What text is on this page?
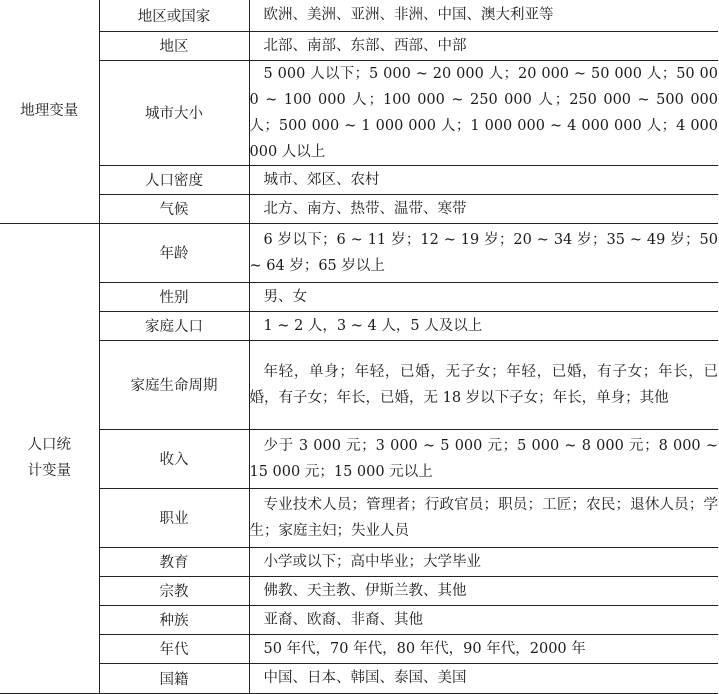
地理变量	地区或国家	欧洲、美洲、亚洲、非洲、中国、澳大利亚等
	地区	北部、南部、东部、西部、中部
	城市大小	5 000 人以下；5 000 ~ 20 000 人；20 000 ~ 50 000 人；50 000 ~ 100 000 人；100 000 ~ 250 000 人；250 000 ~ 500 000 人；500 000 ~ 1 000 000 人；1 000 000 ~ 4 000 000 人；4 000 000 人以上
	人口密度	城市、郊区、农村
	气候	北方、南方、热带、温带、寒带

人口统计变量	年龄	6 岁以下；6 ~ 11 岁；12 ~ 19 岁；20 ~ 34 岁；35 ~ 49 岁；50 ~ 64 岁；65 岁以上
	性别	男、女
	家庭人口	1 ~ 2 人，3 ~ 4 人，5 人及以上
	家庭生命周期	年轻，单身；年轻，已婚，无子女；年轻，已婚，有子女；年长，已婚，有子女；年长，已婚，无 18 岁以下子女；年长，单身；其他
	收入	少于 3 000 元；3 000 ~ 5 000 元；5 000 ~ 8 000 元；8 000 ~ 15 000 元；15 000 元以上
	职业	专业技术人员；管理者；行政官员；职员；工匠；农民；退休人员；学生；家庭主妇；失业人员
	教育	小学或以下；高中毕业；大学毕业
	宗教	佛教、天主教、伊斯兰教、其他
	种族	亚裔、欧裔、非裔、其他
	年代	50 年代，70 年代，80 年代，90 年代，2000 年
	国籍	中国、日本、韩国、泰国、美国
